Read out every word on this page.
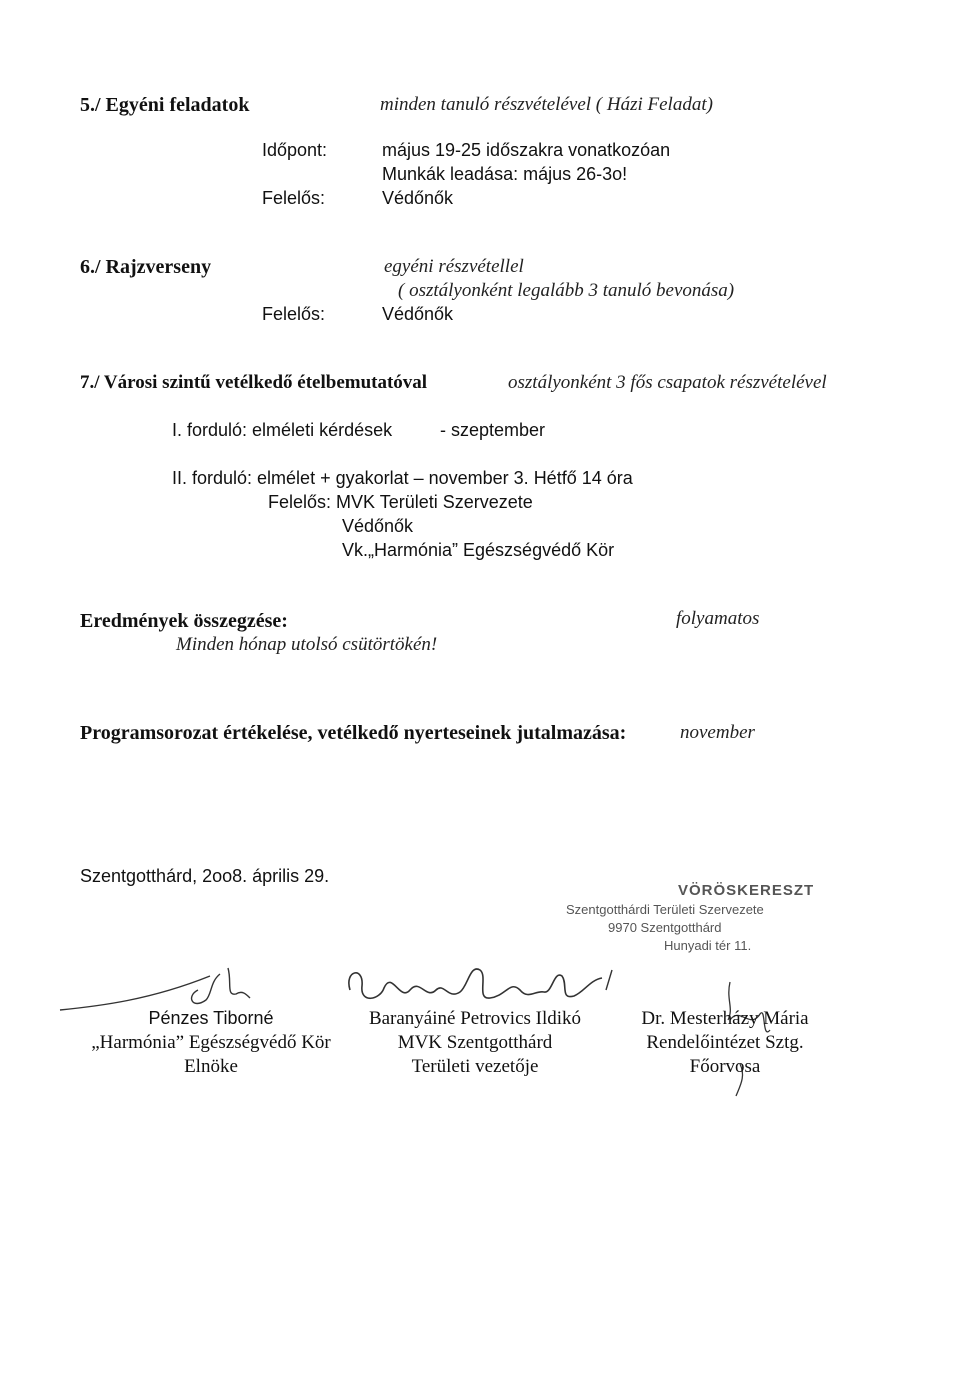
5./ Egyéni feladatok	minden tanuló részvételével ( Házi Feladat)
Időpont:	május 19-25 időszakra vonatkozóan
Munkák leadása: május 26-3o!
Felelős:	Védőnők
6./ Rajzverseny	egyéni részvétellel
( osztályonként legalább 3 tanuló bevonása)
Felelős:	Védőnők
7./ Városi szintű vetélkedő ételbemutatóval	osztályonként 3 fős csapatok részvételével
I. forduló: elméleti kérdések	- szeptember
II. forduló: elmélet + gyakorlat – november 3. Hétfő 14 óra
Felelős: MVK Területi Szervezete
Védőnők
Vk.„Harmónia” Egészségvédő Kör
Eredmények összegzése:	folyamatos
Minden hónap utolsó csütörtökén!
Programsorozat értékelése, vetélkedő nyerteseinek jutalmazása:	november
Szentgotthárd, 2oo8. április 29.
VÖRÖSKERESZT
Szentgotthárdi Területi Szervezete
9970 Szentgotthárd
Hunyadi tér 11.
Pénzes Tiborné
„Harmónia” Egészségvédő Kör
Elnöke
Baranyáiné Petrovics Ildikó
MVK Szentgotthárd
Területi vezetője
Dr. Mesterházy Mária
Rendelőintézet Sztg.
Főorvosa
